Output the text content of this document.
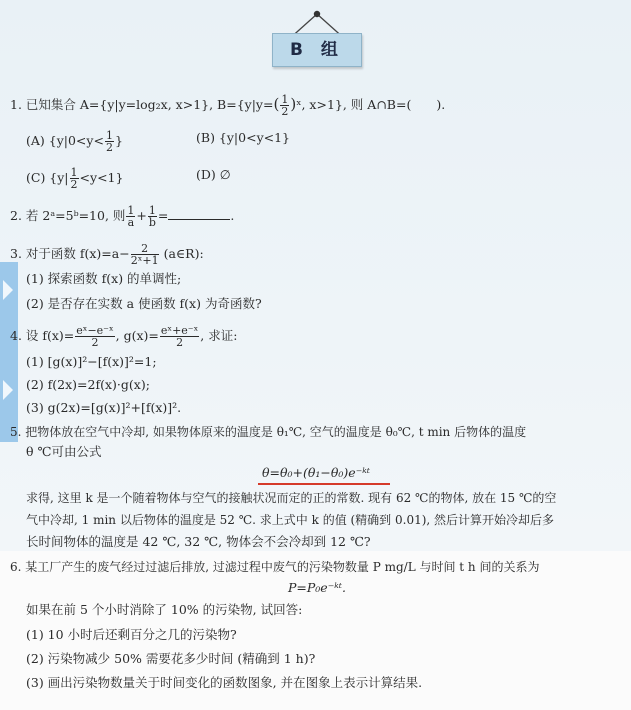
B 组
1. 已知集合 A={y|y=log₂x, x>1}, $B=\{y|y=( \frac{1}{2}$ )ˣ, x>1}, 则 A∩B=(   ).
(A) {$y|0<y< \frac{1}{2}$ }	(B) {y|0<y<1}
(C) $\{y| \frac{1}{2} <y<1\}$	(D) ∅
2. 若 2ᵃ=5ᵇ=10, 则 $\frac{1}{a} + \frac{1}{b}$ =	.
3. 对于函数 $f(x)=a- \frac{2}{\text{2ˣ+1}}$ (a∈R):
(1) 探索函数 f(x) 的单调性;
(2) 是否存在实数 a 使函数 f(x) 为奇函数?
4. 设 $f(x)= \frac{\text{eˣ−e⁻ˣ}}{2}$ , $g(x)= \frac{\text{eˣ+e⁻ˣ}}{2}$ , 求证:
(1) [g(x)]²−[f(x)]²=1;
(2) f(2x)=2f(x)·g(x);
(3) g(2x)=[g(x)]²+[f(x)]².
5. 把物体放在空气中冷却, 如果物体原来的温度是 θ₁℃, 空气的温度是 θ₀℃, t min 后物体的温度
θ ℃可由公式
θ=θ₀+(θ₁−θ₀)e⁻ᵏᵗ
求得, 这里 k 是一个随着物体与空气的接触状况而定的正的常数. 现有 62 ℃的物体, 放在 15 ℃的空
气中冷却, 1 min 以后物体的温度是 52 ℃. 求上式中 k 的值 (精确到 0.01), 然后计算开始冷却后多
长时间物体的温度是 42 ℃, 32 ℃, 物体会不会冷却到 12 ℃?
6. 某工厂产生的废气经过过滤后排放, 过滤过程中废气的污染物数量 P mg/L 与时间 t h 间的关系为
P=P₀e⁻ᵏᵗ.
如果在前 5 个小时消除了 10% 的污染物, 试回答:
(1) 10 小时后还剩百分之几的污染物?
(2) 污染物减少 50% 需要花多少时间 (精确到 1 h)?
(3) 画出污染物数量关于时间变化的函数图象, 并在图象上表示计算结果.
